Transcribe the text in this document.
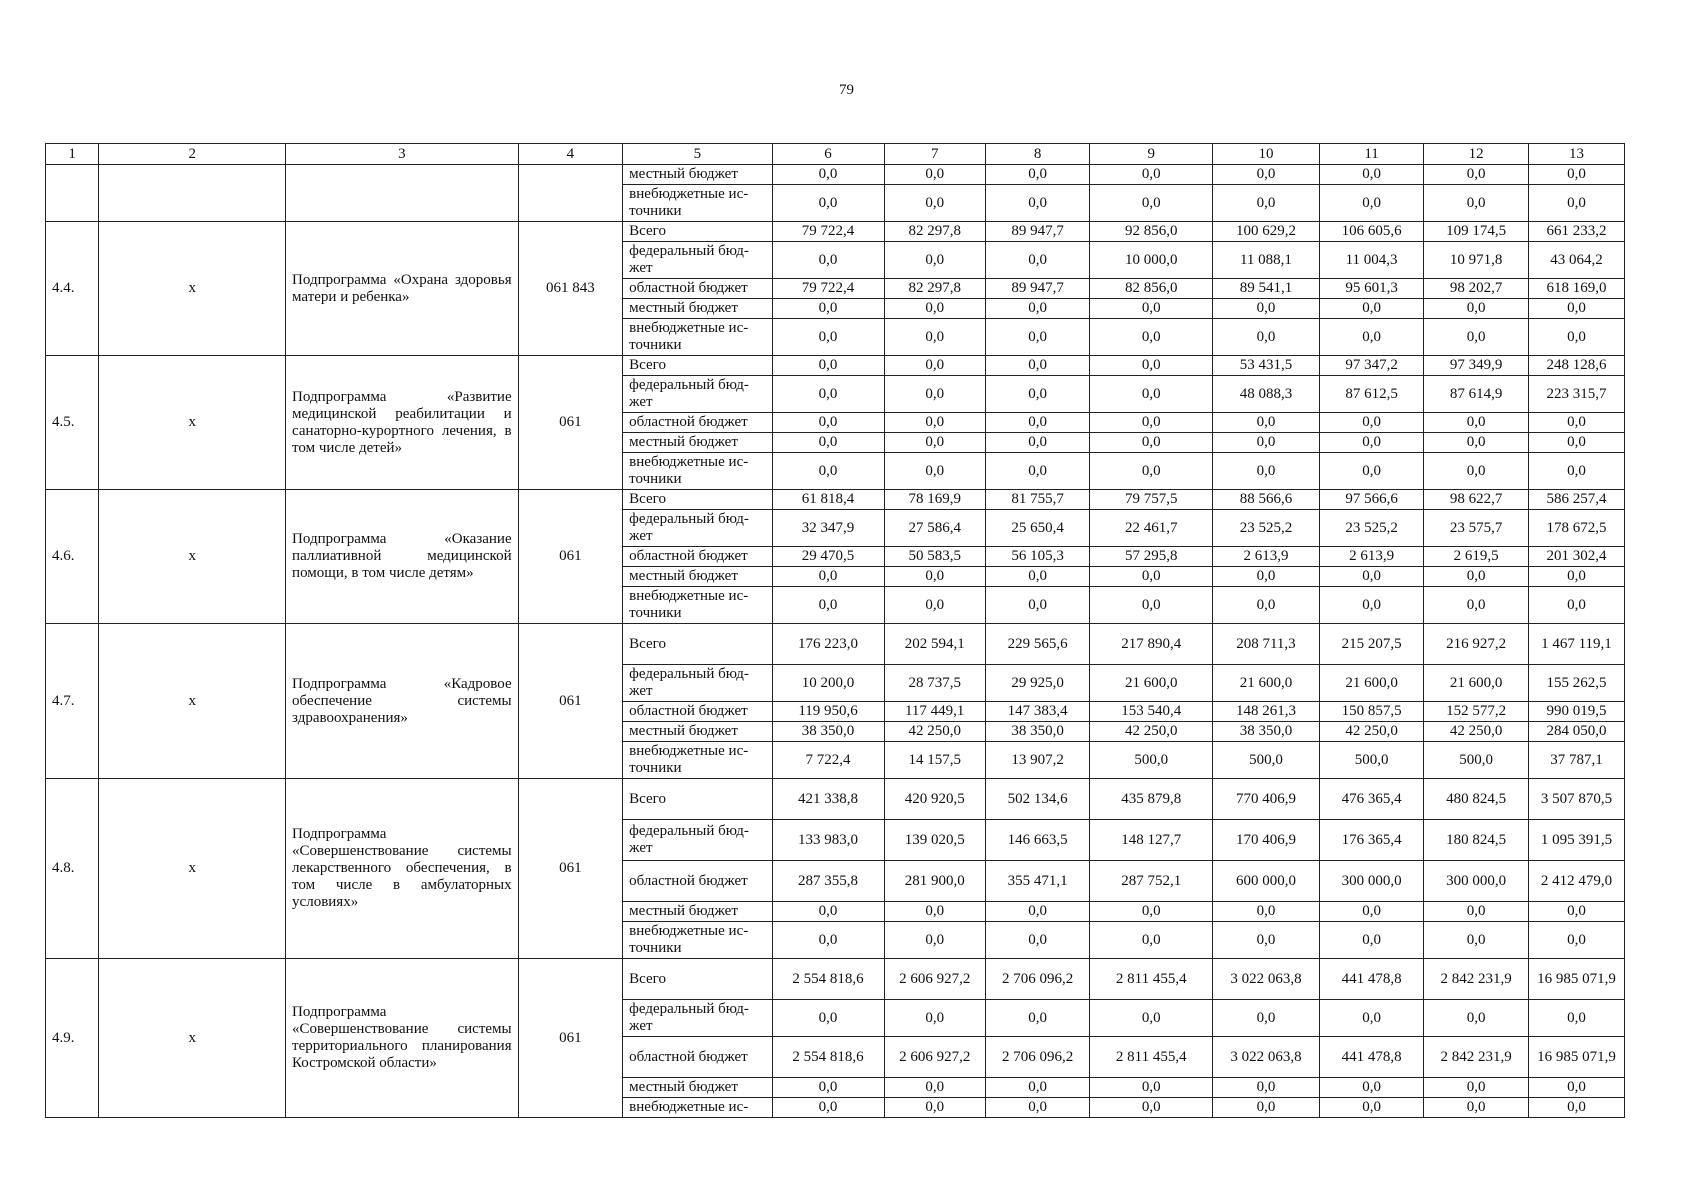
79
1	2	3	4	5	6	7	8	9	10	11	12	13
				местный бюджет	0,0	0,0	0,0	0,0	0,0	0,0	0,0	0,0
				внебюджетные ис-точники	0,0	0,0	0,0	0,0	0,0	0,0	0,0	0,0
4.4.	х	Подпрограмма «Охрана здоровья матери и ребенка»	061 843	Всего	79 722,4	82 297,8	89 947,7	92 856,0	100 629,2	106 605,6	109 174,5	661 233,2
				федеральный бюд-жет	0,0	0,0	0,0	10 000,0	11 088,1	11 004,3	10 971,8	43 064,2
				областной бюджет	79 722,4	82 297,8	89 947,7	82 856,0	89 541,1	95 601,3	98 202,7	618 169,0
				местный бюджет	0,0	0,0	0,0	0,0	0,0	0,0	0,0	0,0
				внебюджетные ис-точники	0,0	0,0	0,0	0,0	0,0	0,0	0,0	0,0
4.5.	х	Подпрограмма «Развитие медицинской реабилитации и санаторно-курортного лечения, в том числе детей»	061	Всего	0,0	0,0	0,0	0,0	53 431,5	97 347,2	97 349,9	248 128,6
				федеральный бюд-жет	0,0	0,0	0,0	0,0	48 088,3	87 612,5	87 614,9	223 315,7
				областной бюджет	0,0	0,0	0,0	0,0	0,0	0,0	0,0	0,0
				местный бюджет	0,0	0,0	0,0	0,0	0,0	0,0	0,0	0,0
				внебюджетные ис-точники	0,0	0,0	0,0	0,0	0,0	0,0	0,0	0,0
4.6.	х	Подпрограмма «Оказание паллиативной медицинской помощи, в том числе детям»	061	Всего	61 818,4	78 169,9	81 755,7	79 757,5	88 566,6	97 566,6	98 622,7	586 257,4
				федеральный бюд-жет	32 347,9	27 586,4	25 650,4	22 461,7	23 525,2	23 525,2	23 575,7	178 672,5
				областной бюджет	29 470,5	50 583,5	56 105,3	57 295,8	2 613,9	2 613,9	2 619,5	201 302,4
				местный бюджет	0,0	0,0	0,0	0,0	0,0	0,0	0,0	0,0
				внебюджетные ис-точники	0,0	0,0	0,0	0,0	0,0	0,0	0,0	0,0
4.7.	х	Подпрограмма «Кадровое обеспечение системы здравоохранения»	061	Всего	176 223,0	202 594,1	229 565,6	217 890,4	208 711,3	215 207,5	216 927,2	1 467 119,1
				федеральный бюд-жет	10 200,0	28 737,5	29 925,0	21 600,0	21 600,0	21 600,0	21 600,0	155 262,5
				областной бюджет	119 950,6	117 449,1	147 383,4	153 540,4	148 261,3	150 857,5	152 577,2	990 019,5
				местный бюджет	38 350,0	42 250,0	38 350,0	42 250,0	38 350,0	42 250,0	42 250,0	284 050,0
				внебюджетные ис-точники	7 722,4	14 157,5	13 907,2	500,0	500,0	500,0	500,0	37 787,1
4.8.	х	Подпрограмма «Совершенствование системы лекарственного обеспечения, в том числе в амбулаторных условиях»	061	Всего	421 338,8	420 920,5	502 134,6	435 879,8	770 406,9	476 365,4	480 824,5	3 507 870,5
				федеральный бюд-жет	133 983,0	139 020,5	146 663,5	148 127,7	170 406,9	176 365,4	180 824,5	1 095 391,5
				областной бюджет	287 355,8	281 900,0	355 471,1	287 752,1	600 000,0	300 000,0	300 000,0	2 412 479,0
				местный бюджет	0,0	0,0	0,0	0,0	0,0	0,0	0,0	0,0
				внебюджетные ис-точники	0,0	0,0	0,0	0,0	0,0	0,0	0,0	0,0
4.9.	х	Подпрограмма «Совершенствование системы территориального планирования Костромской области»	061	Всего	2 554 818,6	2 606 927,2	2 706 096,2	2 811 455,4	3 022 063,8	441 478,8	2 842 231,9	16 985 071,9
				федеральный бюд-жет	0,0	0,0	0,0	0,0	0,0	0,0	0,0	0,0
				областной бюджет	2 554 818,6	2 606 927,2	2 706 096,2	2 811 455,4	3 022 063,8	441 478,8	2 842 231,9	16 985 071,9
				местный бюджет	0,0	0,0	0,0	0,0	0,0	0,0	0,0	0,0
				внебюджетные ис-	0,0	0,0	0,0	0,0	0,0	0,0	0,0	0,0
